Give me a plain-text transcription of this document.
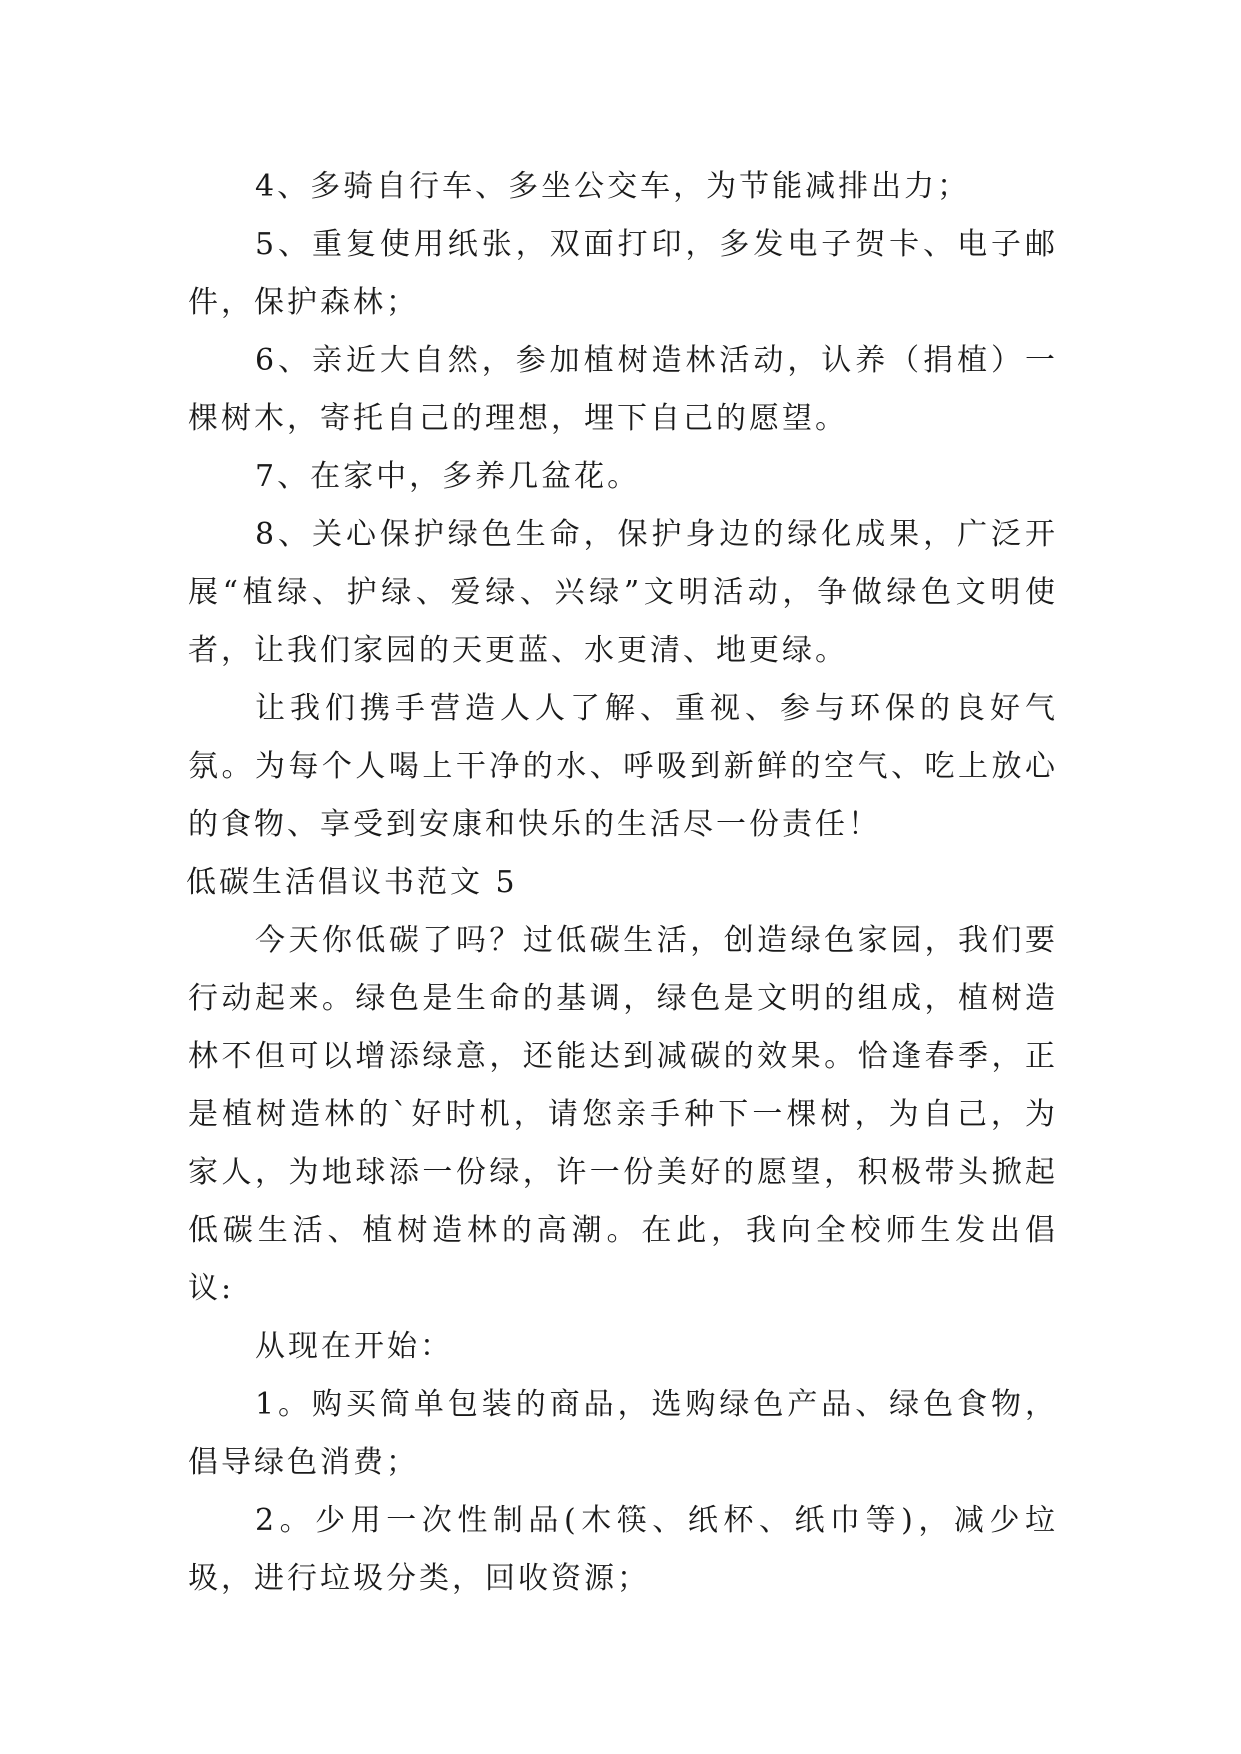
4、多骑自行车、多坐公交车，为节能减排出力；

5、重复使用纸张，双面打印，多发电子贺卡、电子邮件，保护森林；

6、亲近大自然，参加植树造林活动，认养（捐植）一棵树木，寄托自己的理想，埋下自己的愿望。

7、在家中，多养几盆花。

8、关心保护绿色生命，保护身边的绿化成果，广泛开展“植绿、护绿、爱绿、兴绿”文明活动，争做绿色文明使者，让我们家园的天更蓝、水更清、地更绿。

让我们携手营造人人了解、重视、参与环保的良好气氛。为每个人喝上干净的水、呼吸到新鲜的空气、吃上放心的食物、享受到安康和快乐的生活尽一份责任！

低碳生活倡议书范文 5

今天你低碳了吗？过低碳生活，创造绿色家园，我们要行动起来。绿色是生命的基调，绿色是文明的组成，植树造林不但可以增添绿意，还能达到减碳的效果。恰逢春季，正是植树造林的`好时机，请您亲手种下一棵树，为自己，为家人，为地球添一份绿，许一份美好的愿望，积极带头掀起低碳生活、植树造林的高潮。在此，我向全校师生发出倡议:

从现在开始：

1。购买简单包装的商品，选购绿色产品、绿色食物，倡导绿色消费；

2。少用一次性制品(木筷、纸杯、纸巾等)，减少垃圾，进行垃圾分类，回收资源；
